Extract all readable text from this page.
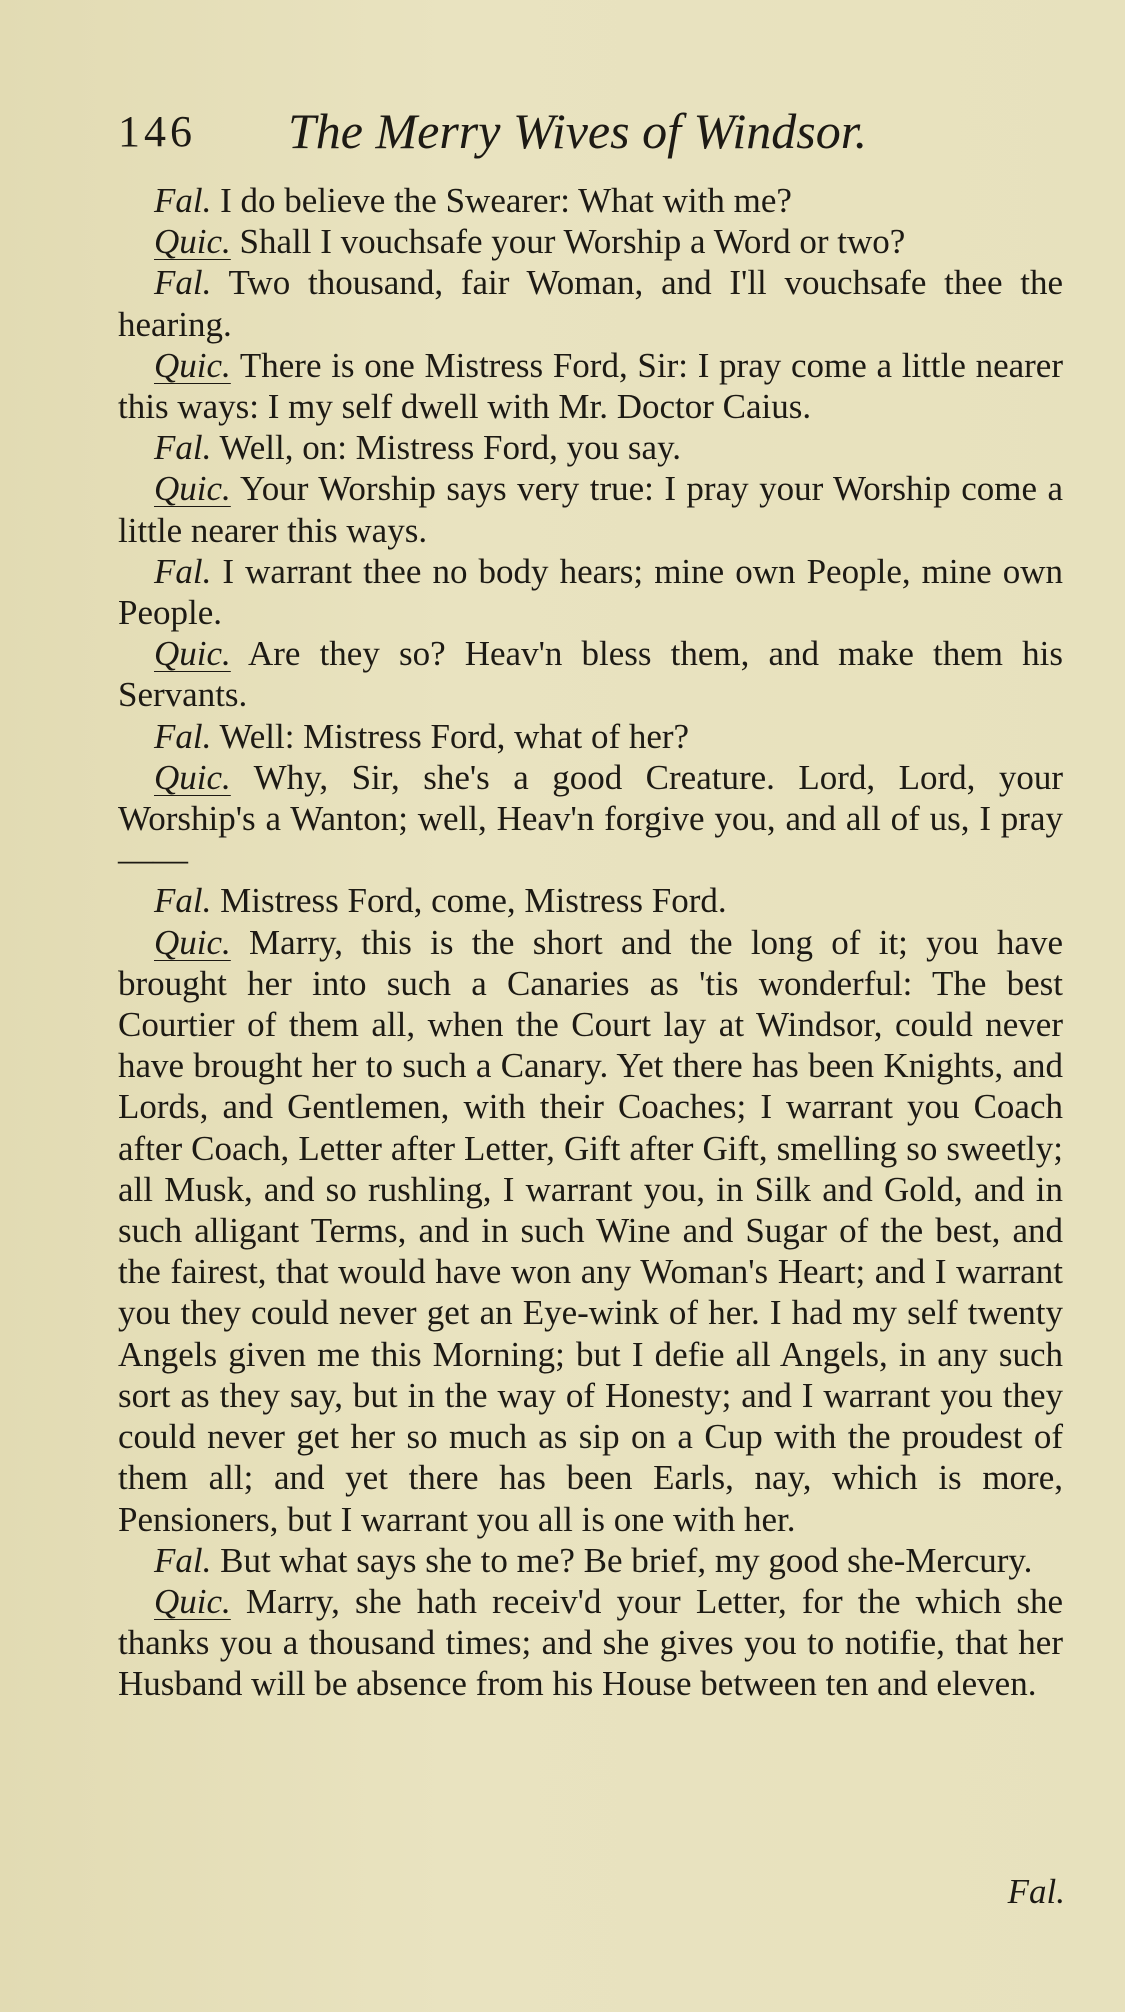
146 The Merry Wives of Windsor.

Fal. I do believe the Swearer: What with me?

Quic. Shall I vouchsafe your Worship a Word or two?

Fal. Two thousand, fair Woman, and I'll vouchsafe thee the hearing.

Quic. There is one Mistress Ford, Sir: I pray come a little nearer this ways: I my self dwell with Mr. Doctor Caius.

Fal. Well, on: Mistress Ford, you say.

Quic. Your Worship says very true: I pray your Worship come a little nearer this ways.

Fal. I warrant thee no body hears; mine own People, mine own People.

Quic. Are they so? Heav'n bless them, and make them his Servants.

Fal. Well: Mistress Ford, what of her?

Quic. Why, Sir, she's a good Creature. Lord, Lord, your Worship's a Wanton; well, Heav'n forgive you, and all of us, I pray——

Fal. Mistress Ford, come, Mistress Ford.

Quic. Marry, this is the short and the long of it; you have brought her into such a Canaries as 'tis wonderful: The best Courtier of them all, when the Court lay at Windsor, could never have brought her to such a Canary. Yet there has been Knights, and Lords, and Gentlemen, with their Coaches; I warrant you Coach after Coach, Letter after Letter, Gift after Gift, smelling so sweetly; all Musk, and so rushling, I warrant you, in Silk and Gold, and in such alligant Terms, and in such Wine and Sugar of the best, and the fairest, that would have won any Woman's Heart; and I warrant you they could never get an Eye-wink of her. I had my self twenty Angels given me this Morning; but I defie all Angels, in any such sort as they say, but in the way of Honesty; and I warrant you they could never get her so much as sip on a Cup with the proudest of them all; and yet there has been Earls, nay, which is more, Pensioners, but I warrant you all is one with her.

Fal. But what says she to me? Be brief, my good she-Mercury.

Quic. Marry, she hath receiv'd your Letter, for the which she thanks you a thousand times; and she gives you to notifie, that her Husband will be absence from his House between ten and eleven.

Fal.
